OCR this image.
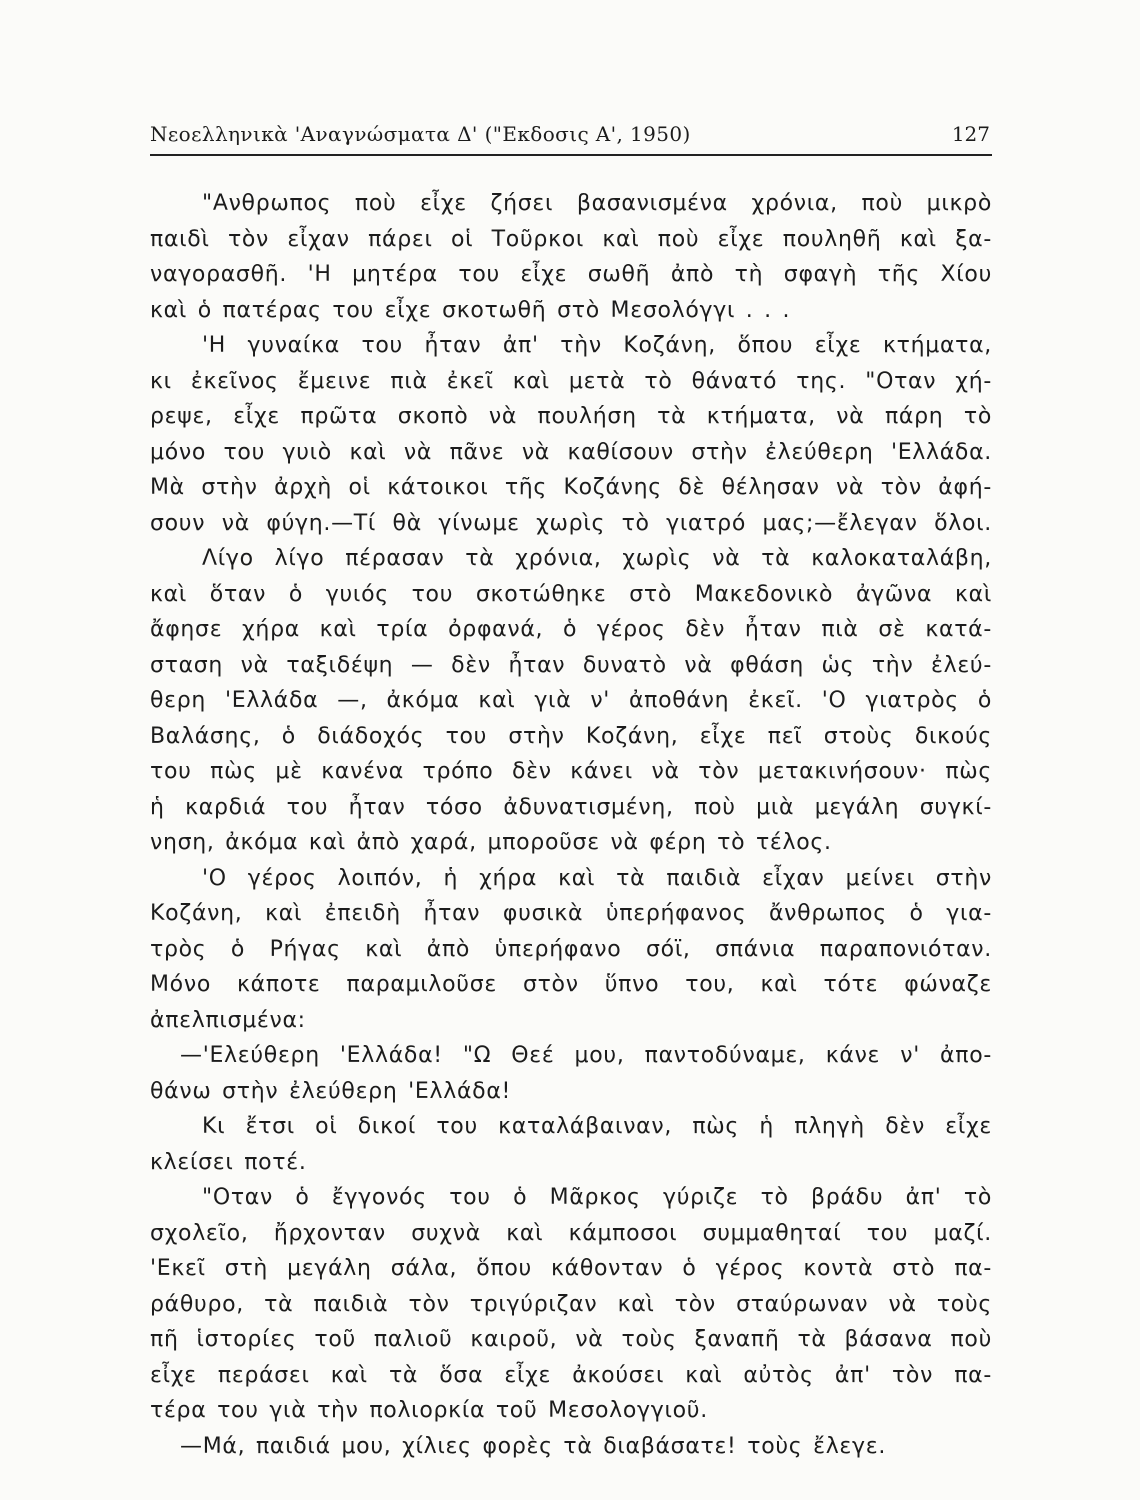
Νεοελληνικὰ 'Αναγνώσματα Δ' ("Εκδοσις Α', 1950)	127
"Ανθρωπος ποὺ εἶχε ζήσει βασανισμένα χρόνια, ποὺ μικρὸ
παιδὶ τὸν εἶχαν πάρει οἱ Τοῦρκοι καὶ ποὺ εἶχε πουληθῆ καὶ ξα-
ναγορασθῆ. 'Η μητέρα του εἶχε σωθῆ ἀπὸ τὴ σφαγὴ τῆς Χίου
καὶ ὁ πατέρας του εἶχε σκοτωθῆ στὸ Μεσολόγγι . . .
'Η γυναίκα του ἦταν ἀπ' τὴν Κοζάνη, ὅπου εἶχε κτήματα,
κι ἐκεῖνος ἔμεινε πιὰ ἐκεῖ καὶ μετὰ τὸ θάνατό της. "Οταν χή-
ρεψε, εἶχε πρῶτα σκοπὸ νὰ πουλήση τὰ κτήματα, νὰ πάρη τὸ
μόνο του γυιὸ καὶ νὰ πᾶνε νὰ καθίσουν στὴν ἐλεύθερη 'Ελλάδα.
Μὰ στὴν ἀρχὴ οἱ κάτοικοι τῆς Κοζάνης δὲ θέλησαν νὰ τὸν ἀφή-
σουν νὰ φύγη.—Τί θὰ γίνωμε χωρὶς τὸ γιατρό μας;—ἔλεγαν ὅλοι.
Λίγο λίγο πέρασαν τὰ χρόνια, χωρὶς νὰ τὰ καλοκαταλάβη,
καὶ ὅταν ὁ γυιός του σκοτώθηκε στὸ Μακεδονικὸ ἀγῶνα καὶ
ἄφησε χήρα καὶ τρία ὀρφανά, ὁ γέρος δὲν ἦταν πιὰ σὲ κατά-
σταση νὰ ταξιδέψη — δὲν ἦταν δυνατὸ νὰ φθάση ὡς τὴν ἐλεύ-
θερη 'Ελλάδα —, ἀκόμα καὶ γιὰ ν' ἀποθάνη ἐκεῖ. 'Ο γιατρὸς ὁ
Βαλάσης, ὁ διάδοχός του στὴν Κοζάνη, εἶχε πεῖ στοὺς δικούς
του πὼς μὲ κανένα τρόπο δὲν κάνει νὰ τὸν μετακινήσουν· πὼς
ἡ καρδιά του ἦταν τόσο ἀδυνατισμένη, ποὺ μιὰ μεγάλη συγκί-
νηση, ἀκόμα καὶ ἀπὸ χαρά, μποροῦσε νὰ φέρη τὸ τέλος.
'Ο γέρος λοιπόν, ἡ χήρα καὶ τὰ παιδιὰ εἶχαν μείνει στὴν
Κοζάνη, καὶ ἐπειδὴ ἦταν φυσικὰ ὑπερήφανος ἄνθρωπος ὁ για-
τρὸς ὁ Ρήγας καὶ ἀπὸ ὑπερήφανο σόϊ, σπάνια παραπονιόταν.
Μόνο κάποτε παραμιλοῦσε στὸν ὕπνο του, καὶ τότε φώναζε
ἀπελπισμένα:
—'Ελεύθερη 'Ελλάδα! "Ω Θεέ μου, παντοδύναμε, κάνε ν' ἀπο-
θάνω στὴν ἐλεύθερη 'Ελλάδα!
Κι ἔτσι οἱ δικοί του καταλάβαιναν, πὼς ἡ πληγὴ δὲν εἶχε
κλείσει ποτέ.
"Οταν ὁ ἔγγονός του ὁ Μᾶρκος γύριζε τὸ βράδυ ἀπ' τὸ
σχολεῖο, ἤρχονταν συχνὰ καὶ κάμποσοι συμμαθηταί του μαζί.
'Εκεῖ στὴ μεγάλη σάλα, ὅπου κάθονταν ὁ γέρος κοντὰ στὸ πα-
ράθυρο, τὰ παιδιὰ τὸν τριγύριζαν καὶ τὸν σταύρωναν νὰ τοὺς
πῆ ἱστορίες τοῦ παλιοῦ καιροῦ, νὰ τοὺς ξαναπῆ τὰ βάσανα ποὺ
εἶχε περάσει καὶ τὰ ὅσα εἶχε ἀκούσει καὶ αὐτὸς ἀπ' τὸν πα-
τέρα του γιὰ τὴν πολιορκία τοῦ Μεσολογγιοῦ.
—Μά, παιδιά μου, χίλιες φορὲς τὰ διαβάσατε! τοὺς ἔλεγε.
